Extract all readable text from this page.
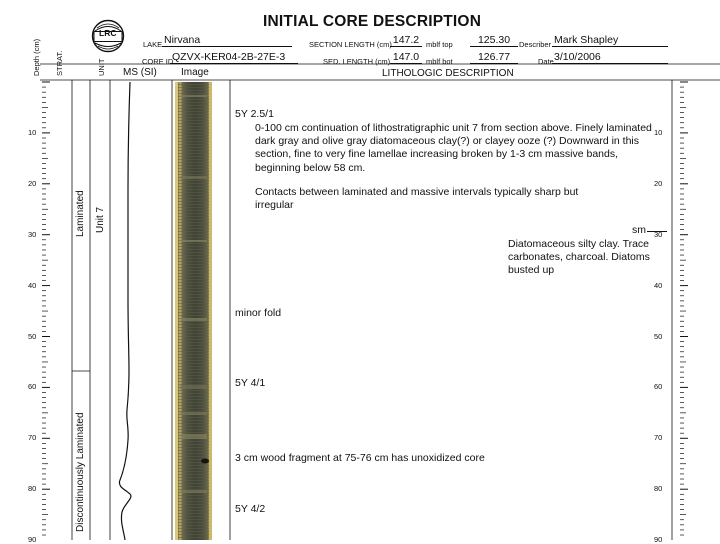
LRC
INITIAL CORE DESCRIPTION
LAKE Nirvana	SECTION LENGTH (cm) 147.2 mblf top	125.30	Describer Mark Shapley
CORE ID
QZVX-KER04-2B-27E-3	SED. LENGTH (cm) 147.0 mblf bot	126.77	Date 3/10/2006
Depth (cm) STRAT.	UNIT MS (SI) Image	LITHOLOGIC DESCRIPTION
10
20
30
40
50
60
70
80
90
10
20
30
40
50
60
70
80
90
Laminated
Discontinuously Laminated
Unit 7
5Y 2.5/1
0-100 cm continuation of lithostratigraphic unit 7 from section above. Finely laminated dark gray and olive gray diatomaceous clay(?) or clayey ooze (?) Downward in this section, fine to very fine lamellae increasing broken by 1-3 cm massive bands, beginning below 58 cm.
Contacts between laminated and massive intervals typically sharp but irregular
sm
Diatomaceous silty clay. Trace carbonates, charcoal. Diatoms busted up
minor fold
5Y 4/1
3 cm wood fragment at 75-76 cm has unoxidized core
5Y 4/2
